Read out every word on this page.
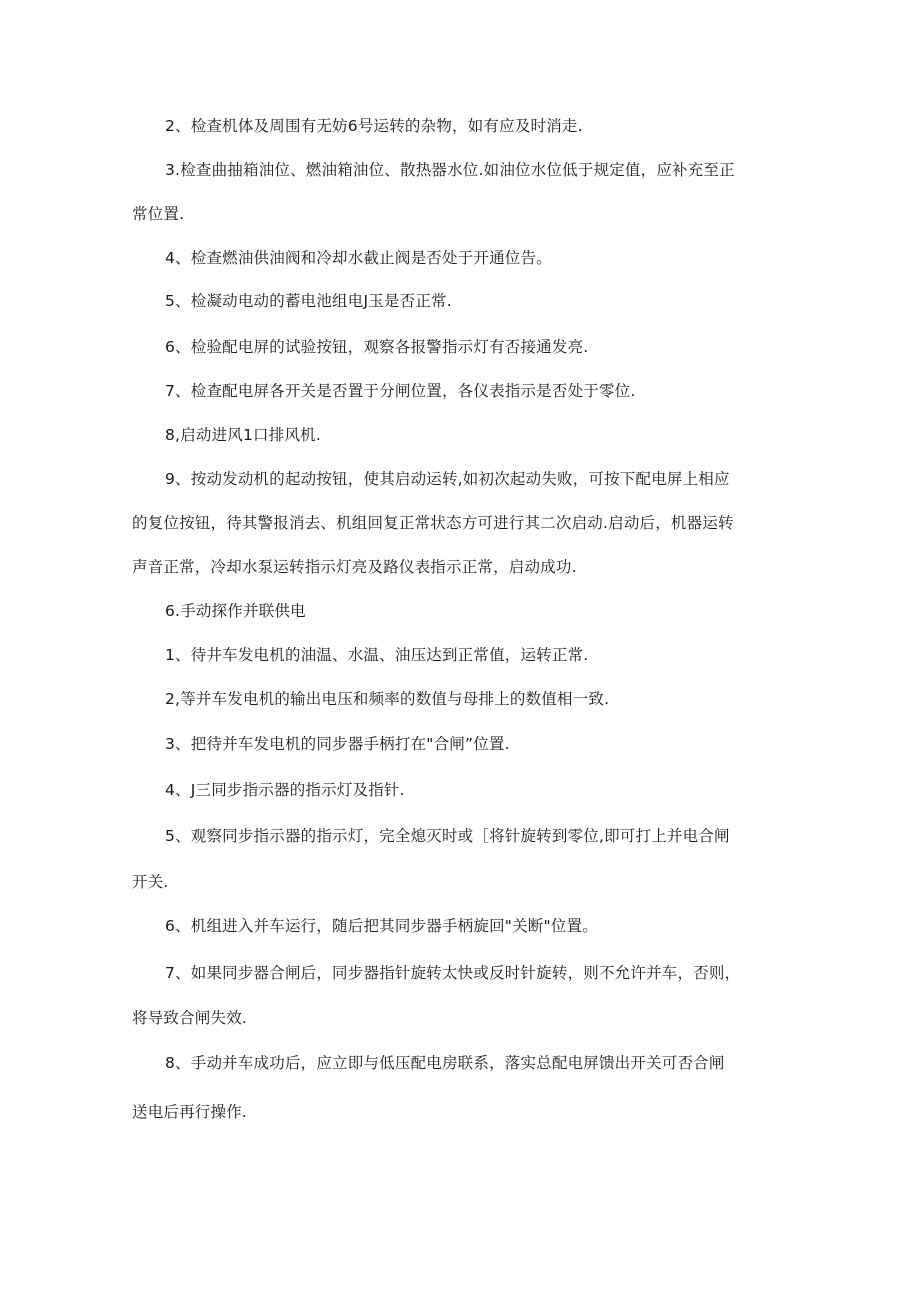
2、检查机体及周围有无妨6号运转的杂物，如有应及时消走.
3.检查曲抽箱油位、燃油箱油位、散热器水位.如油位水位低于规定值，应补充至正
常位置.
4、检查燃油供油阀和冷却水截止阀是否处于开通位告。
5、检凝动电动的蓄电池组电J玉是否正常.
6、检验配电屏的试验按钮，观察各报警指示灯有否接通发亮.
7、检查配电屏各开关是否置于分闸位置，各仪表指示是否处于零位.
8,启动进风1口排风机.
9、按动发动机的起动按钮，使其启动运转,如初次起动失败，可按下配电屏上相应
的复位按钮，待其警报消去、机组回复正常状态方可进行其二次启动.启动后，机器运转
声音正常，冷却水泵运转指示灯亮及路仪表指示正常，启动成功.
6.手动探作并联供电
1、待井车发电机的油温、水温、油压达到正常值，运转正常.
2,等并车发电机的输出电压和频率的数值与母排上的数值相一致.
3、把待并车发电机的同步器手柄打在"合闸”位置.
4、J三同步指示器的指示灯及指针.
5、观察同步指示器的指示灯，完全熄灭时或［将针旋转到零位,即可打上并电合闸
开关.
6、机组进入并车运行，随后把其同步器手柄旋回"关断"位置。
7、如果同步器合闸后，同步器指针旋转太快或反时针旋转，则不允许并车，否则，
将导致合闸失效.
8、手动并车成功后，应立即与低压配电房联系，落实总配电屏馈出开关可否合闸
送电后再行操作.
